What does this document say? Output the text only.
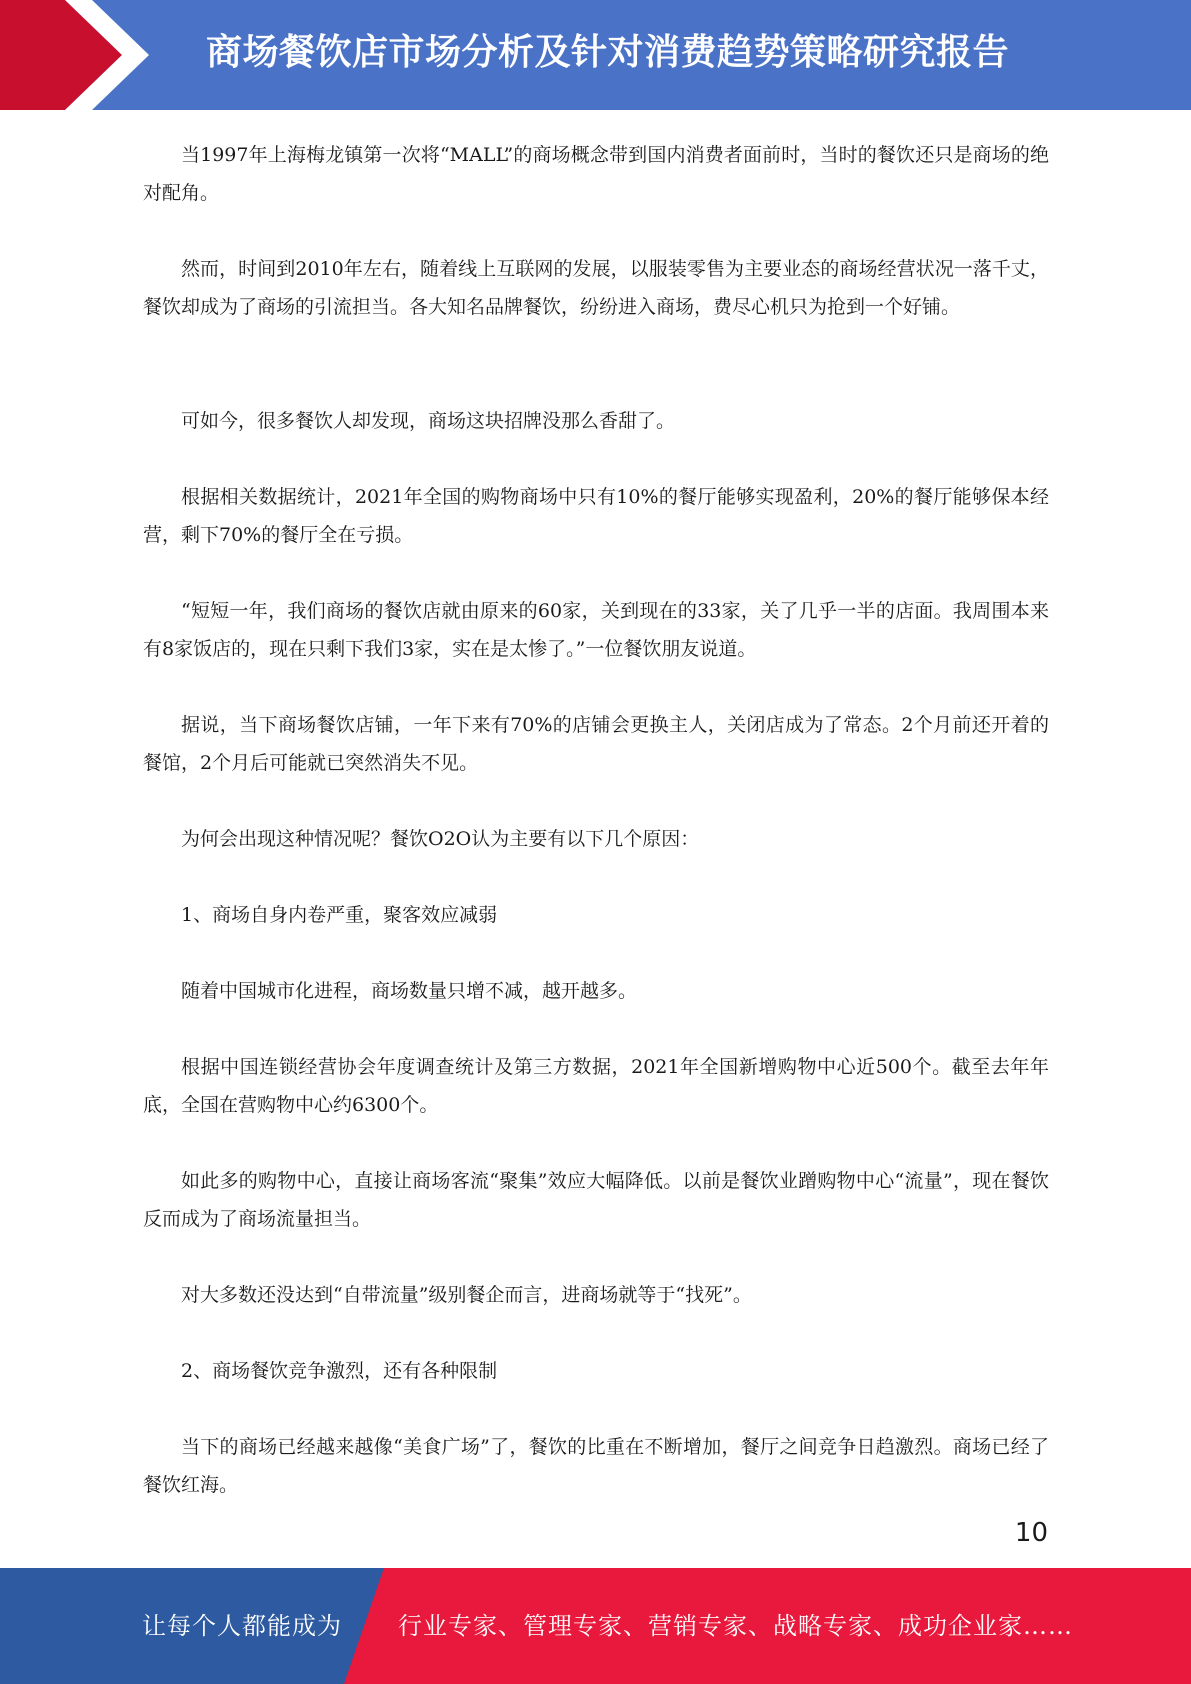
商场餐饮店市场分析及针对消费趋势策略研究报告

当1997年上海梅龙镇第一次将“MALL”的商场概念带到国内消费者面前时，当时的餐饮还只是商场的绝对配角。

然而，时间到2010年左右，随着线上互联网的发展，以服装零售为主要业态的商场经营状况一落千丈，餐饮却成为了商场的引流担当。各大知名品牌餐饮，纷纷进入商场，费尽心机只为抢到一个好铺。

可如今，很多餐饮人却发现，商场这块招牌没那么香甜了。

根据相关数据统计，2021年全国的购物商场中只有10%的餐厅能够实现盈利，20%的餐厅能够保本经营，剩下70%的餐厅全在亏损。

“短短一年，我们商场的餐饮店就由原来的60家，关到现在的33家，关了几乎一半的店面。我周围本来有8家饭店的，现在只剩下我们3家，实在是太惨了。”一位餐饮朋友说道。

据说，当下商场餐饮店铺，一年下来有70%的店铺会更换主人，关闭店成为了常态。2个月前还开着的餐馆，2个月后可能就已突然消失不见。

为何会出现这种情况呢？餐饮O2O认为主要有以下几个原因：

1、商场自身内卷严重，聚客效应减弱

随着中国城市化进程，商场数量只增不减，越开越多。

根据中国连锁经营协会年度调查统计及第三方数据，2021年全国新增购物中心近500个。截至去年年底，全国在营购物中心约6300个。

如此多的购物中心，直接让商场客流“聚集”效应大幅降低。以前是餐饮业蹭购物中心“流量”，现在餐饮反而成为了商场流量担当。

对大多数还没达到“自带流量”级别餐企而言，进商场就等于“找死”。

2、商场餐饮竞争激烈，还有各种限制

当下的商场已经越来越像“美食广场”了，餐饮的比重在不断增加，餐厅之间竞争日趋激烈。商场已经了餐饮红海。

10
让每个人都能成为 行业专家、管理专家、营销专家、战略专家、成功企业家……
